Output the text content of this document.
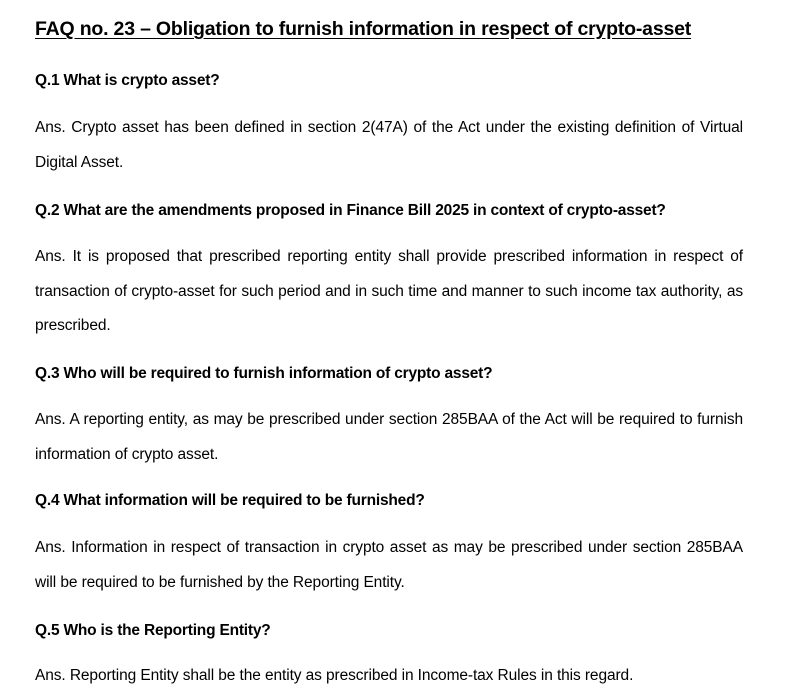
FAQ no. 23 – Obligation to furnish information in respect of crypto-asset
Q.1 What is crypto asset?
Ans. Crypto asset has been defined in section 2(47A) of the Act under the existing definition of Virtual Digital Asset.
Q.2 What are the amendments proposed in Finance Bill 2025 in context of crypto-asset?
Ans. It is proposed that prescribed reporting entity shall provide prescribed information in respect of transaction of crypto-asset for such period and in such time and manner to such income tax authority, as prescribed.
Q.3 Who will be required to furnish information of crypto asset?
Ans. A reporting entity, as may be prescribed under section 285BAA of the Act will be required to furnish information of crypto asset.
Q.4 What information will be required to be furnished?
Ans. Information in respect of transaction in crypto asset as may be prescribed under section 285BAA will be required to be furnished by the Reporting Entity.
Q.5 Who is the Reporting Entity?
Ans. Reporting Entity shall be the entity as prescribed in Income-tax Rules in this regard.
